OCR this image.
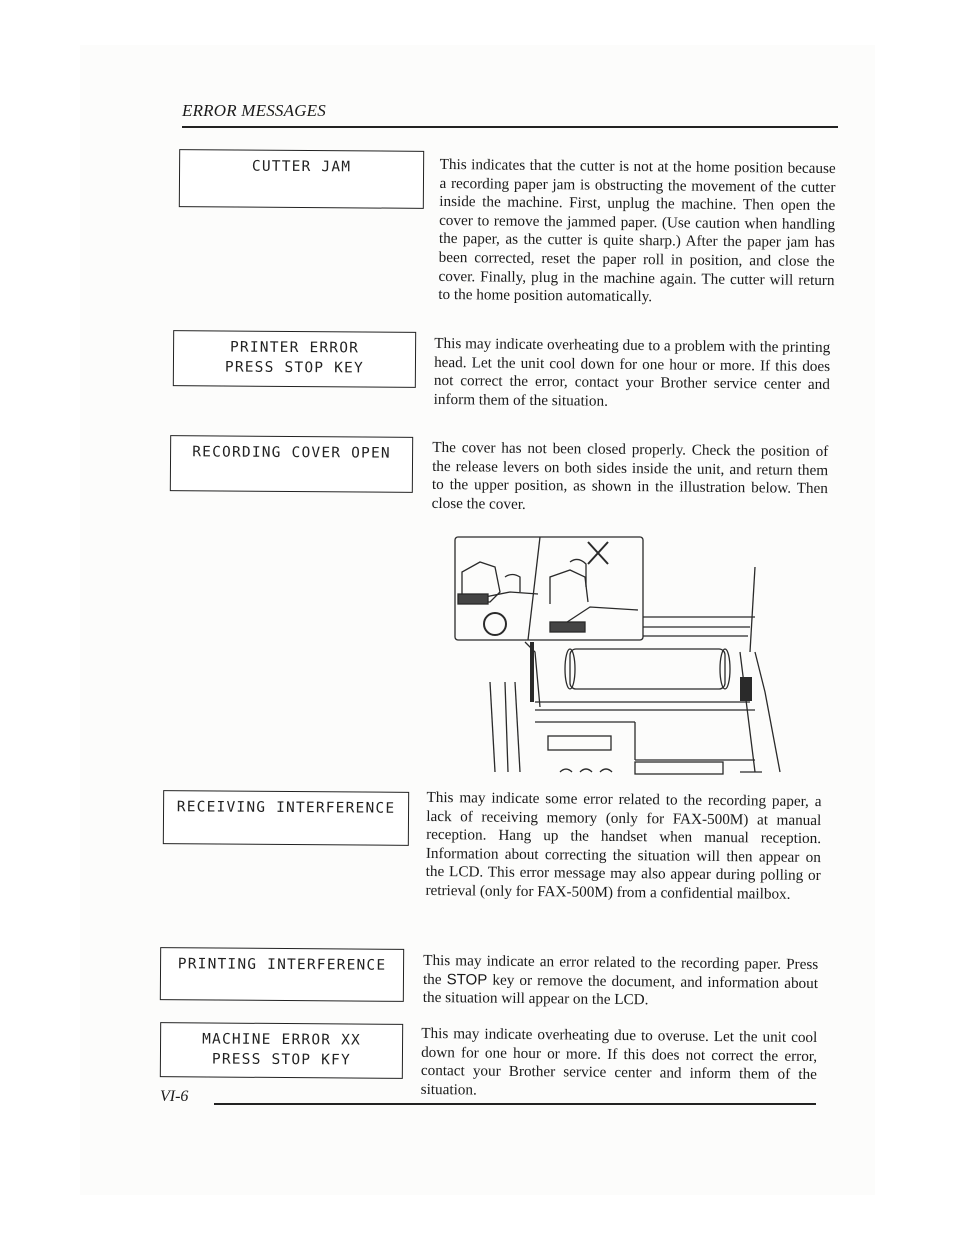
ERROR MESSAGES
CUTTER JAM	This indicates that the cutter is not at the home position because a recording paper jam is obstructing the movement of the cutter inside the machine. First, unplug the machine. Then open the cover to remove the jammed paper. (Use caution when handling the paper, as the cutter is quite sharp.) After the paper jam has been corrected, reset the paper roll in position, and close the cover. Finally, plug in the machine again. The cutter will return to the home position automatically.
PRINTER ERROR
PRESS STOP KEY
This may indicate overheating due to a problem with the printing head. Let the unit cool down for one hour or more. If this does not correct the error, contact your Brother service center and inform them of the situation.
RECORDING COVER OPEN	The cover has not been closed properly. Check the position of the release levers on both sides inside the unit, and return them to the upper position, as shown in the illustration below. Then close the cover.
RECEIVING INTERFERENCE	This may indicate some error related to the recording paper, a lack of receiving memory (only for FAX-500M) at manual reception. Hang up the handset when manual reception. Information about correcting the situation will then appear on the LCD. This error message may also appear during polling or retrieval (only for FAX-500M) from a confidential mailbox.
PRINTING INTERFERENCE	This may indicate an error related to the recording paper. Press the STOP key or remove the document, and information about the situation will appear on the LCD.
MACHINE ERROR XX
PRESS STOP KFY
This may indicate overheating due to overuse. Let the unit cool down for one hour or more. If this does not correct the error, contact your Brother service center and inform them of the situation.
VI-6
